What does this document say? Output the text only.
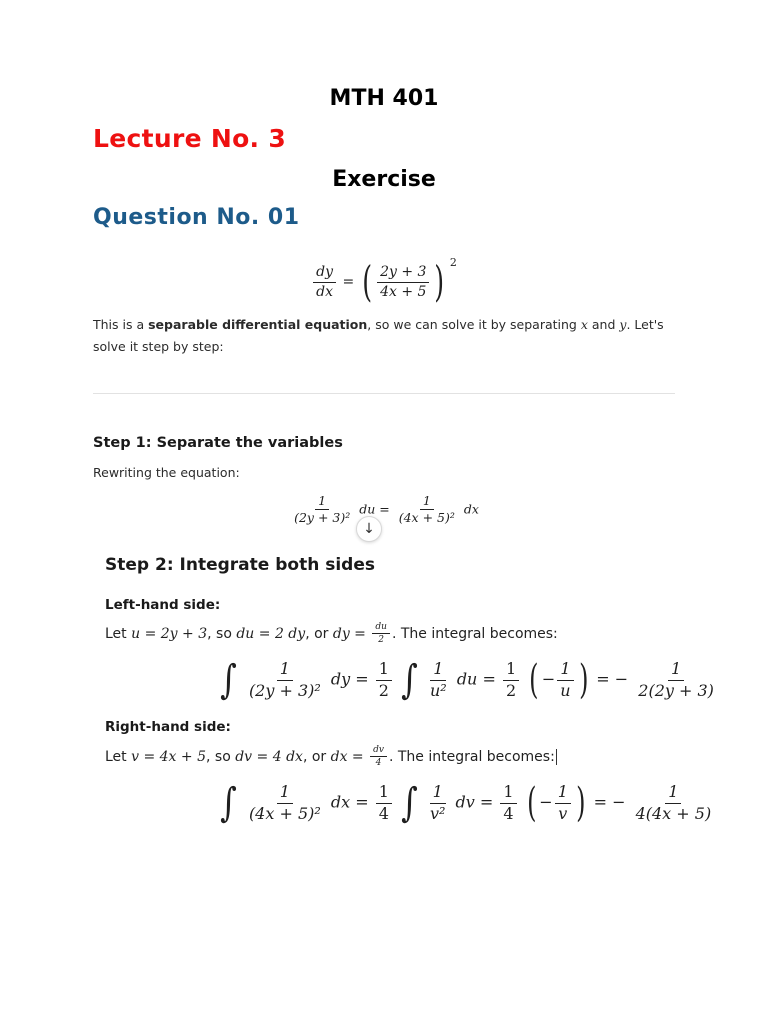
MTH 401
Lecture No. 3
Exercise
Question No. 01
$\frac{dy}{dx}$ = ( $\frac{2y + 3}{4x + 5}$ ) $^2$
This is a separable differential equation, so we can solve it by separating x and y. Let's solve it step by step:
Step 1: Separate the variables
Rewriting the equation:
$\frac{1}{\text{(2y + 3)²}}$ du = $\frac{1}{\text{(4x + 5)²}}$ dx
↓
Step 2: Integrate both sides
Left-hand side:
Let u = 2y + 3, so du = 2 dy, or dy = $\frac{du}{2}$ . The integral becomes:
∫ $\frac{1}{\text{(2y + 3)²}}$ dy = $\frac{1}{2}$ ∫ $\frac{1}{\text{u²}}$ du = $\frac{1}{2}$ ( − $\frac{1}{u}$ ) = − $\frac{1}{2(2y + 3)}$
Right-hand side:
Let v = 4x + 5, so dv = 4 dx, or dx = $\frac{dv}{4}$ . The integral becomes:
∫ $\frac{1}{\text{(4x + 5)²}}$ dx = $\frac{1}{4}$ ∫ $\frac{1}{\text{v²}}$ dv = $\frac{1}{4}$ ( − $\frac{1}{v}$ ) = − $\frac{1}{4(4x + 5)}$
